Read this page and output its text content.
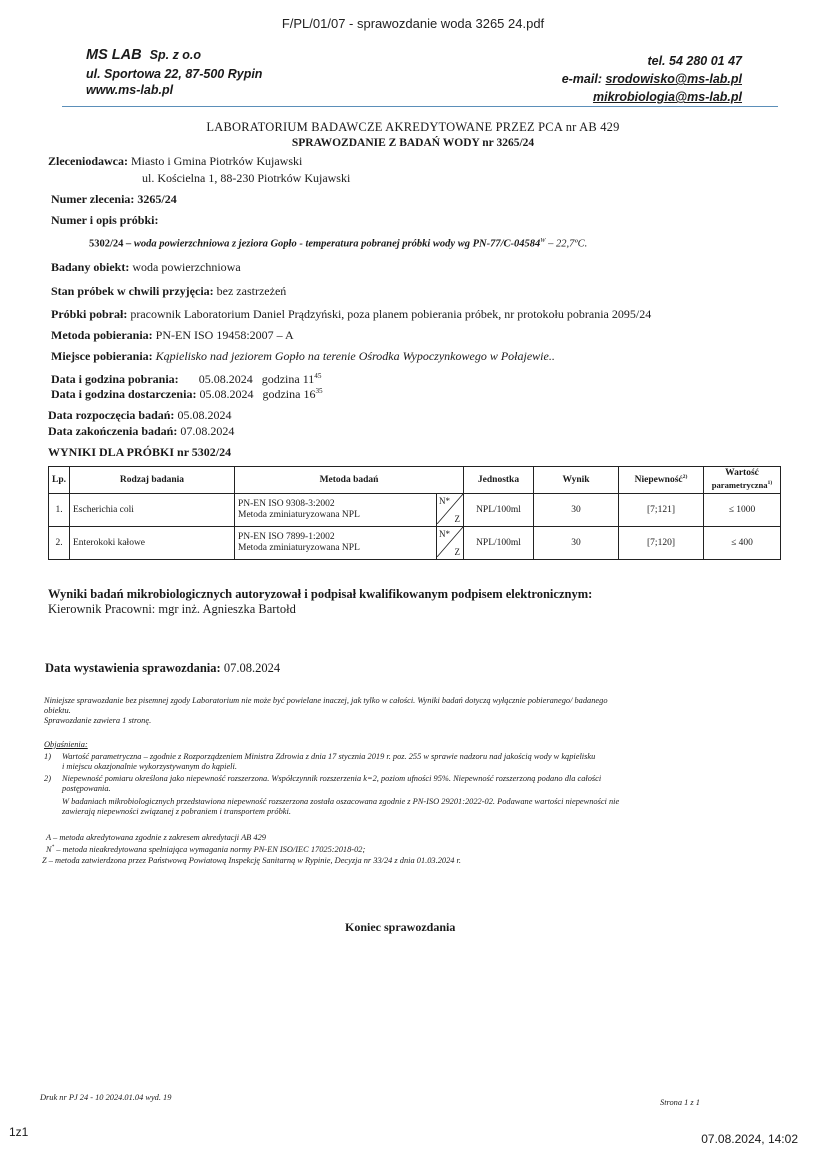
F/PL/01/07 - sprawozdanie woda 3265 24.pdf
MS LAB Sp. z o.o
ul. Sportowa 22, 87-500 Rypin
www.ms-lab.pl
tel. 54 280 01 47
e-mail: srodowisko@ms-lab.pl
mikrobiologia@ms-lab.pl
LABORATORIUM BADAWCZE AKREDYTOWANE PRZEZ PCA nr AB 429
SPRAWOZDANIE Z BADAŃ WODY nr 3265/24
Zleceniodawca: Miasto i Gmina Piotrków Kujawski
ul. Kościelna 1, 88-230 Piotrków Kujawski
Numer zlecenia: 3265/24
Numer i opis próbki:
5302/24 – woda powierzchniowa z jeziora Gopło - temperatura pobranej próbki wody wg $PN-77/C-04584^W$ – 22,7ºC.
Badany obiekt: woda powierzchniowa
Stan próbek w chwili przyjęcia: bez zastrzeżeń
Próbki pobrał: pracownik Laboratorium Daniel Prądzyński, poza planem pobierania próbek, nr protokołu pobrania 2095/24
Metoda pobierania: PN-EN ISO 19458:2007 – A
Miejsce pobierania: Kąpielisko nad jeziorem Gopło na terenie Ośrodka Wypoczynkowego w Połajewie..
Data i godzina pobrania: 05.08.2024 godzina $11^{45}$
Data i godzina dostarczenia: 05.08.2024 godzina $16^{35}$
Data rozpoczęcia badań: 05.08.2024
Data zakończenia badań: 07.08.2024
WYNIKI DLA PRÓBKI nr 5302/24
Lp.	Rodzaj badania	Metoda badań		Jednostka	Wynik	Niepewność$^{2)}$	Wartość
parametryczna$^{1)}$
1.	Escherichia coli	PN-EN ISO 9308-3:2002
Metoda zminiaturyzowana NPL	N*
Z	NPL/100ml	30	[7;121]	≤ 1000
2.	Enterokoki kałowe	PN-EN ISO 7899-1:2002
Metoda zminiaturyzowana NPL	N*
Z	NPL/100ml	30	[7;120]	≤ 400
Wyniki badań mikrobiologicznych autoryzował i podpisał kwalifikowanym podpisem elektronicznym:
Kierownik Pracowni: mgr inż. Agnieszka Bartołd
Data wystawienia sprawozdania: 07.08.2024
Niniejsze sprawozdanie bez pisemnej zgody Laboratorium nie może być powielane inaczej, jak tylko w całości. Wyniki badań dotyczą wyłącznie pobieranego/ badanego
obiektu.
Sprawozdanie zawiera 1 stronę.
Objaśnienia:
1) Wartość parametryczna – zgodnie z Rozporządzeniem Ministra Zdrowia z dnia 17 stycznia 2019 r. poz. 255 w sprawie nadzoru nad jakością wody w kąpielisku
i miejscu okazjonalnie wykorzystywanym do kąpieli.
2) Niepewność pomiaru określona jako niepewność rozszerzona. Współczynnik rozszerzenia k=2, poziom ufności 95%. Niepewność rozszerzoną podano dla całości
postępowania.
W badaniach mikrobiologicznych przedstawiona niepewność rozszerzona została oszacowana zgodnie z PN-ISO 29201:2022-02. Podawane wartości niepewności nie
zawierają niepewności związanej z pobraniem i transportem próbki.
A – metoda akredytowana zgodnie z zakresem akredytacji AB 429
N* – metoda nieakredytowana spełniająca wymagania normy PN-EN ISO/IEC 17025:2018-02;
Z – metoda zatwierdzona przez Państwową Powiatową Inspekcję Sanitarną w Rypinie, Decyzja nr 33/24 z dnia 01.03.2024 r.
Koniec sprawozdania
Druk nr PJ 24 - 10 2024.01.04 wyd. 19
Strona 1 z 1
1z1	07.08.2024, 14:02
